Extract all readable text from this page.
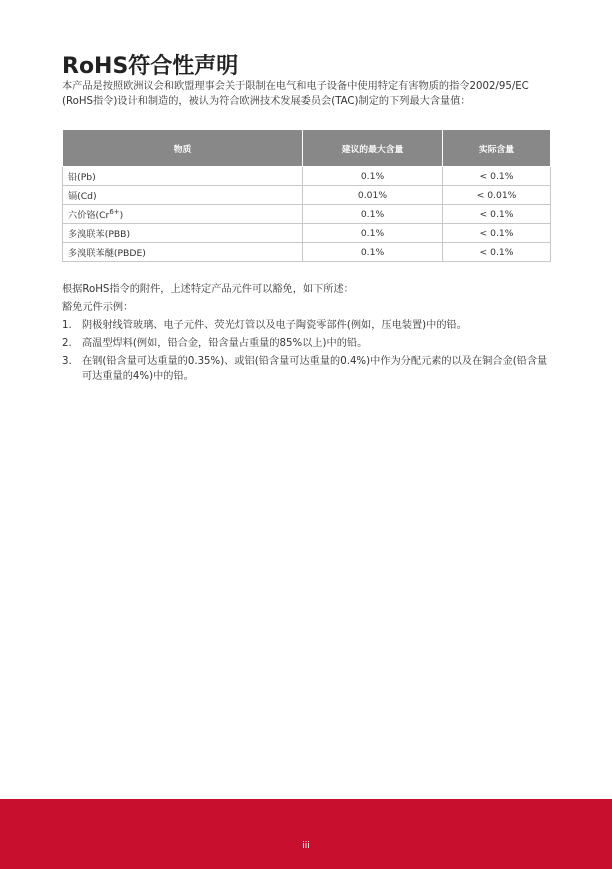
RoHS符合性声明

本产品是按照欧洲议会和欧盟理事会关于限制在电气和电子设备中使用特定有害物质的指令2002/95/EC (RoHS指令)设计和制造的，被认为符合欧洲技术发展委员会(TAC)制定的下列最大含量值：

物质	建议的最大含量	实际含量
铅(Pb)	0.1%	< 0.1%
镉(Cd)	0.01%	< 0.01%
六价铬$(Cr^{6+})$	0.1%	< 0.1%
多溴联苯(PBB)	0.1%	< 0.1%
多溴联苯醚(PBDE)	0.1%	< 0.1%

根据RoHS指令的附件，上述特定产品元件可以豁免，如下所述：

豁免元件示例：

1. 阴极射线管玻璃、电子元件、荧光灯管以及电子陶瓷零部件(例如，压电装置)中的铅。
2. 高温型焊料(例如，铅合金，铅含量占重量的85%以上)中的铅。
3. 在钢(铅含量可达重量的0.35%)、或铝(铅含量可达重量的0.4%)中作为分配元素的以及在铜合金(铅含量可达重量的4%)中的铅。
iii
